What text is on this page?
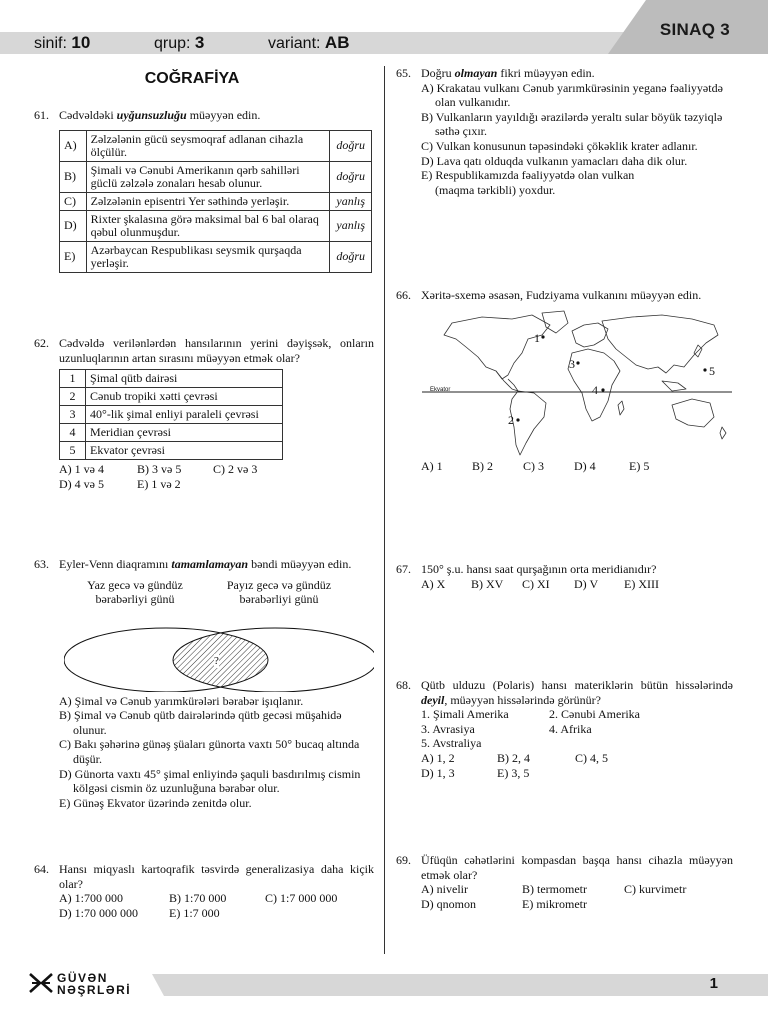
SINAQ 3
sinif: 10	qrup: 3	variant: AB
COĞRAFİYA
61. Cədvəldəki uyğunsuzluğu müəyyən edin.
A)	Zəlzələnin gücü seysmoqraf adlanan cihazla ölçülür.	doğru
B)	Şimali və Cənubi Amerikanın qərb sahilləri güclü zəlzələ zonaları hesab olunur.	doğru
C)	Zəlzələnin episentri Yer səthində yerləşir.	yanlış
D)	Rixter şkalasına görə maksimal bal 6 bal olaraq qəbul olunmuşdur.	yanlış
E)	Azərbaycan Respublikası seysmik qurşaqda yerləşir.	doğru
62. Cədvəldə verilənlərdən hansılarının yerini dəyişsək, onların uzunluqlarının artan sırasını müəyyən etmək olar?
1	Şimal qütb dairəsi
2	Cənub tropiki xətti çevrəsi
3	40°-lik şimal enliyi paraleli çevrəsi
4	Meridian çevrəsi
5	Ekvator çevrəsi
A) 1 və 4	B) 3 və 5	C) 2 və 3
D) 4 və 5	E) 1 və 2
63. Eyler-Venn diaqramını tamamlamayan bəndi müəyyən edin.
Yaz gecə və gündüz
bərabərliyi günü
Payız gecə və gündüz
bərabərliyi günü
?
A) Şimal və Cənub yarımkürələri bərabər işıqlanır.
B) Şimal və Cənub qütb dairələrində qütb gecəsi müşahidə olunur.
C) Bakı şəhərinə günəş şüaları günorta vaxtı 50° bucaq altında düşür.
D) Günorta vaxtı 45° şimal enliyində şaquli basdırılmış cismin kölgəsi cismin öz uzunluğuna bərabər olur.
E) Günəş Ekvator üzərində zenitdə olur.
64. Hansı miqyaslı kartoqrafik təsvirdə generalizasiya daha kiçik olar?
A) 1:700 000	B) 1:70 000	C) 1:7 000 000
D) 1:70 000 000	E) 1:7 000
65. Doğru olmayan fikri müəyyən edin.
A) Krakatau vulkanı Cənub yarımkürəsinin yeganə fəaliyyətdə olan vulkanıdır.
B) Vulkanların yayıldığı ərazilərdə yeraltı sular böyük təzyiqlə səthə çıxır.
C) Vulkan konusunun təpəsindəki çökəklik krater adlanır.
D) Lava qatı olduqda vulkanın yamacları daha dik olur.
E) Respublikamızda fəaliyyətdə olan vulkan (maqma tərkibli) yoxdur.
66. Xəritə-sxemə əsasən, Fudziyama vulkanını müəyyən edin.
Ekvator
1
2
3
4
5
A) 1	B) 2	C) 3	D) 4	E) 5
67. 150° ş.u. hansı saat qurşağının orta meridianıdır?
A) X	B) XV	C) XI	D) V	E) XIII
68. Qütb ulduzu (Polaris) hansı materiklərin bütün hissələrində deyil, müəyyən hissələrində görünür?
1. Şimali Amerika	2. Cənubi Amerika
3. Avrasiya	4. Afrika
5. Avstraliya
A) 1, 2	B) 2, 4	C) 4, 5
D) 1, 3	E) 3, 5
69. Üfüqün cəhətlərini kompasdan başqa hansı cihazla müəyyən etmək olar?
A) nivelir	B) termometr	C) kurvimetr
D) qnomon	E) mikrometr
GÜVƏN
NƏŞRLƏRİ	1
